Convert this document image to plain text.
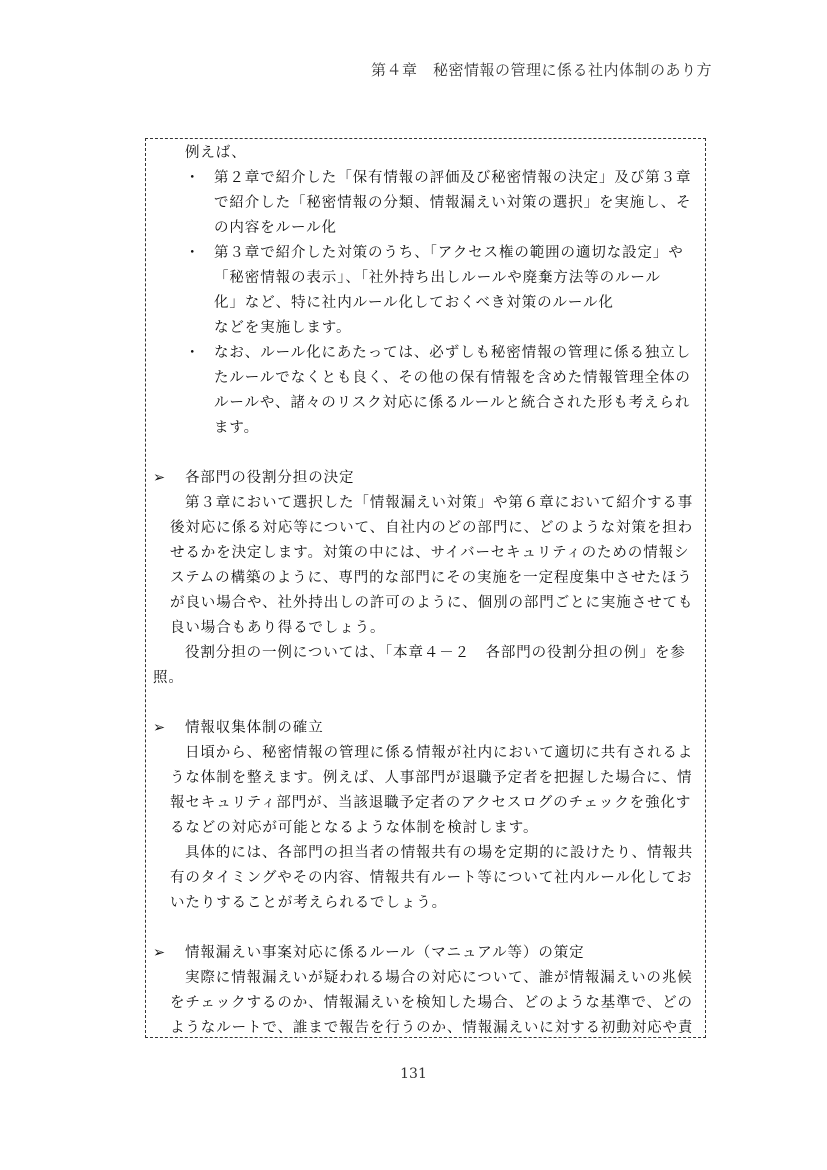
第４章　秘密情報の管理に係る社内体制のあり方
例えば、
・ 第２章で紹介した「保有情報の評価及び秘密情報の決定」及び第３章
で紹介した「秘密情報の分類、情報漏えい対策の選択」を実施し、そ
の内容をルール化
・ 第３章で紹介した対策のうち、「アクセス権の範囲の適切な設定」や
「秘密情報の表示」、「社外持ち出しルールや廃棄方法等のルール
化」など、特に社内ルール化しておくべき対策のルール化
などを実施します。
・ なお、ルール化にあたっては、必ずしも秘密情報の管理に係る独立し
たルールでなくとも良く、その他の保有情報を含めた情報管理全体の
ルールや、諸々のリスク対応に係るルールと統合された形も考えられ
ます。
➢ 各部門の役割分担の決定
第３章において選択した「情報漏えい対策」や第６章において紹介する事
後対応に係る対応等について、自社内のどの部門に、どのような対策を担わ
せるかを決定します。対策の中には、サイバーセキュリティのための情報シ
ステムの構築のように、専門的な部門にその実施を一定程度集中させたほう
が良い場合や、社外持出しの許可のように、個別の部門ごとに実施させても
良い場合もあり得るでしょう。
役割分担の一例については、「本章４－２　各部門の役割分担の例」を参
照。
➢ 情報収集体制の確立
日頃から、秘密情報の管理に係る情報が社内において適切に共有されるよ
うな体制を整えます。例えば、人事部門が退職予定者を把握した場合に、情
報セキュリティ部門が、当該退職予定者のアクセスログのチェックを強化す
るなどの対応が可能となるような体制を検討します。
具体的には、各部門の担当者の情報共有の場を定期的に設けたり、情報共
有のタイミングやその内容、情報共有ルート等について社内ルール化してお
いたりすることが考えられるでしょう。
➢ 情報漏えい事案対応に係るルール（マニュアル等）の策定
実際に情報漏えいが疑われる場合の対応について、誰が情報漏えいの兆候
をチェックするのか、情報漏えいを検知した場合、どのような基準で、どの
ようなルートで、誰まで報告を行うのか、情報漏えいに対する初動対応や責
131
